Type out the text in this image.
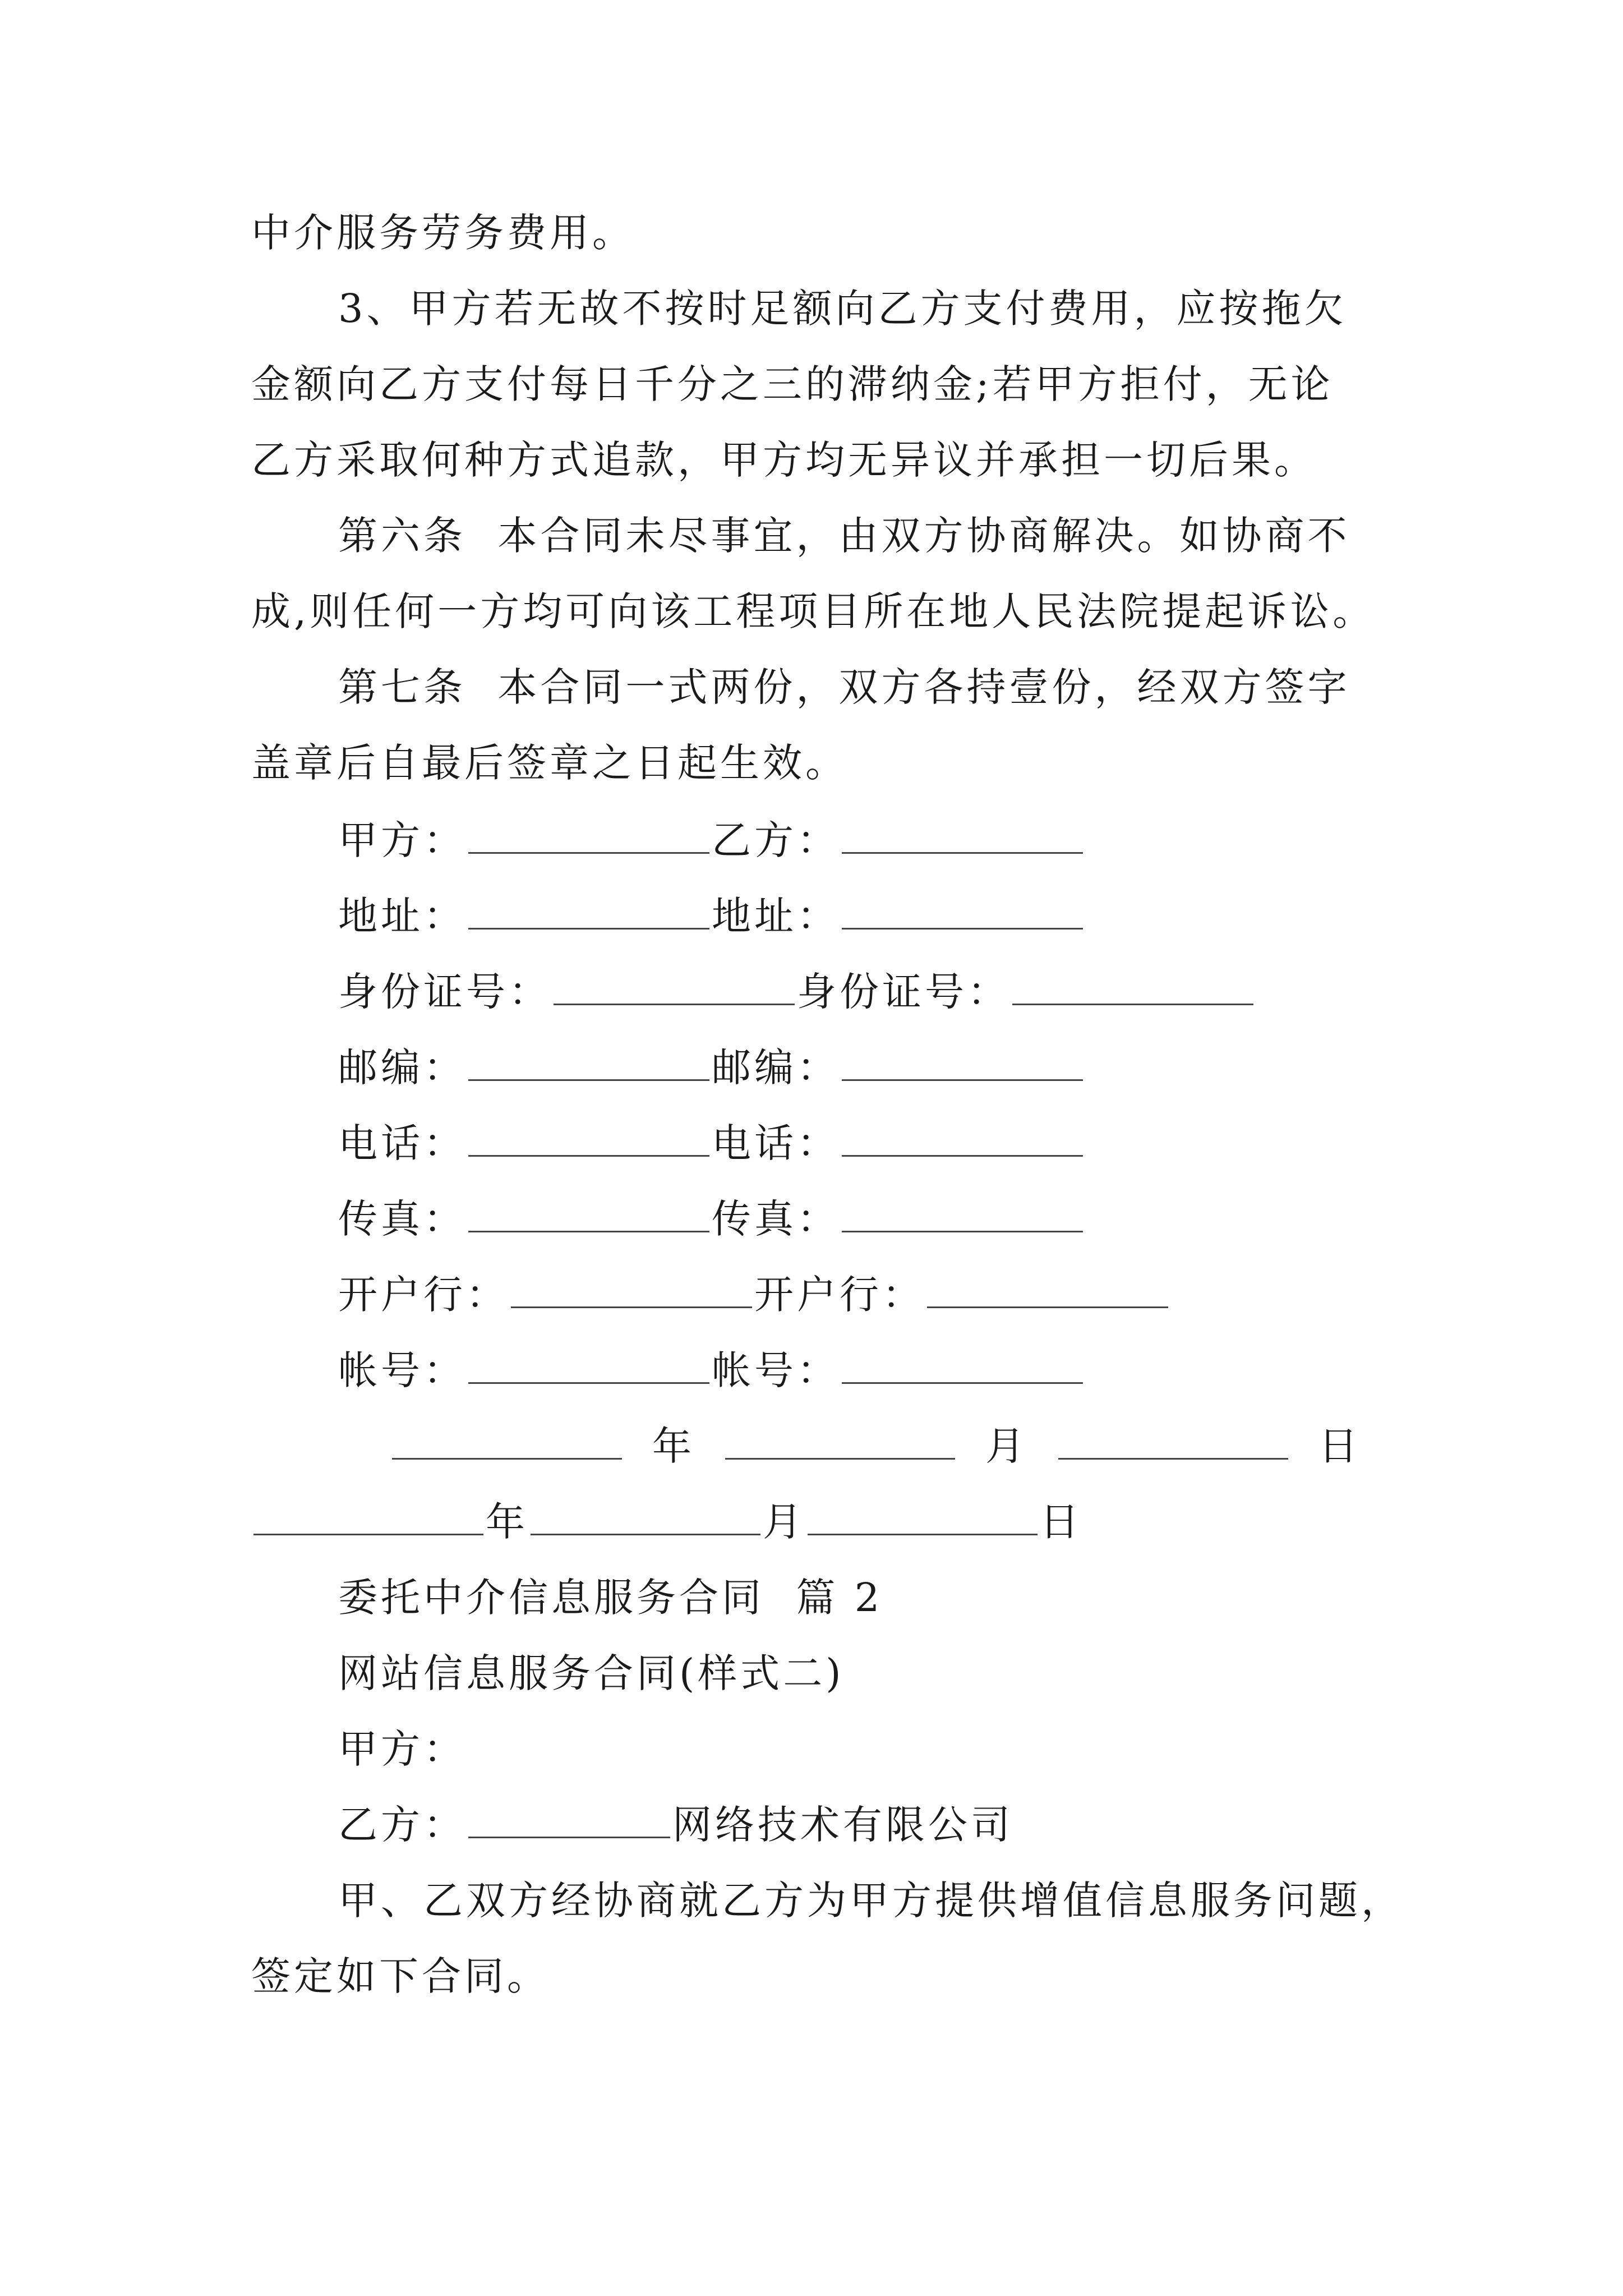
中介服务劳务费用。
3、甲方若无故不按时足额向乙方支付费用，应按拖欠
金额向乙方支付每日千分之三的滞纳金;若甲方拒付，无论
乙方采取何种方式追款，甲方均无异议并承担一切后果。
第六条  本合同未尽事宜，由双方协商解决。如协商不
成,则任何一方均可向该工程项目所在地人民法院提起诉讼。
第七条  本合同一式两份，双方各持壹份，经双方签字
盖章后自最后签章之日起生效。
甲方：	乙方：
地址：	地址：
身份证号：	身份证号：
邮编：	邮编：
电话：	电话：
传真：	传真：
开户行：	开户行：
帐号：	帐号：
年	月	日
年	月	日
委托中介信息服务合同  篇 2
网站信息服务合同(样式二)
甲方：
乙方：	网络技术有限公司
甲、乙双方经协商就乙方为甲方提供增值信息服务问题，
签定如下合同。
